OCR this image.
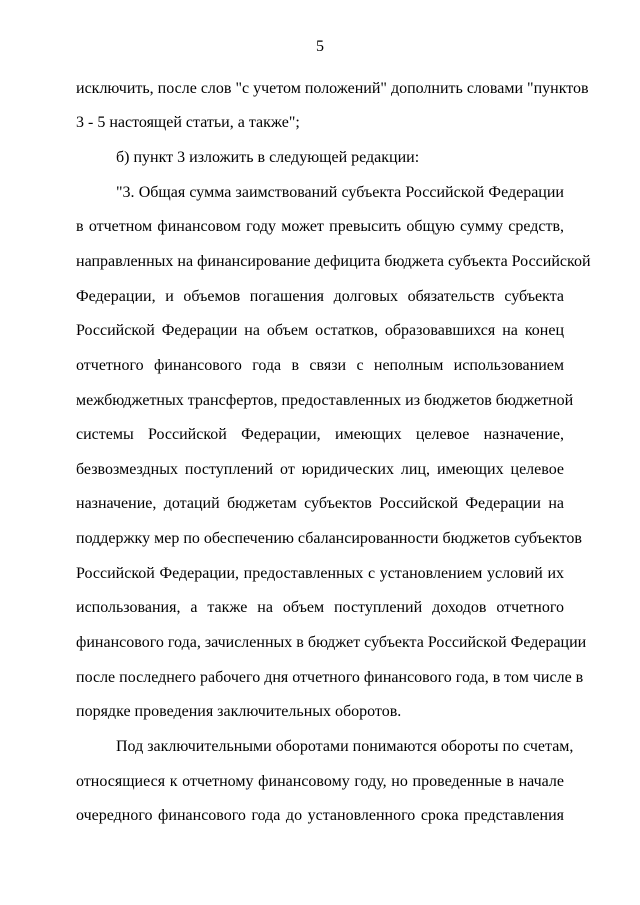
5
исключить, после слов "с учетом положений" дополнить словами "пунктов
3 - 5 настоящей статьи, а также";
б) пункт 3 изложить в следующей редакции:
"3. Общая сумма заимствований субъекта Российской Федерации
в отчетном финансовом году может превысить общую сумму средств,
направленных на финансирование дефицита бюджета субъекта Российской
Федерации, и объемов погашения долговых обязательств субъекта
Российской Федерации на объем остатков, образовавшихся на конец
отчетного финансового года в связи с неполным использованием
межбюджетных трансфертов, предоставленных из бюджетов бюджетной
системы Российской Федерации, имеющих целевое назначение,
безвозмездных поступлений от юридических лиц, имеющих целевое
назначение, дотаций бюджетам субъектов Российской Федерации на
поддержку мер по обеспечению сбалансированности бюджетов субъектов
Российской Федерации, предоставленных с установлением условий их
использования, а также на объем поступлений доходов отчетного
финансового года, зачисленных в бюджет субъекта Российской Федерации
после последнего рабочего дня отчетного финансового года, в том числе в
порядке проведения заключительных оборотов.
Под заключительными оборотами понимаются обороты по счетам,
относящиеся к отчетному финансовому году, но проведенные в начале
очередного финансового года до установленного срока представления
